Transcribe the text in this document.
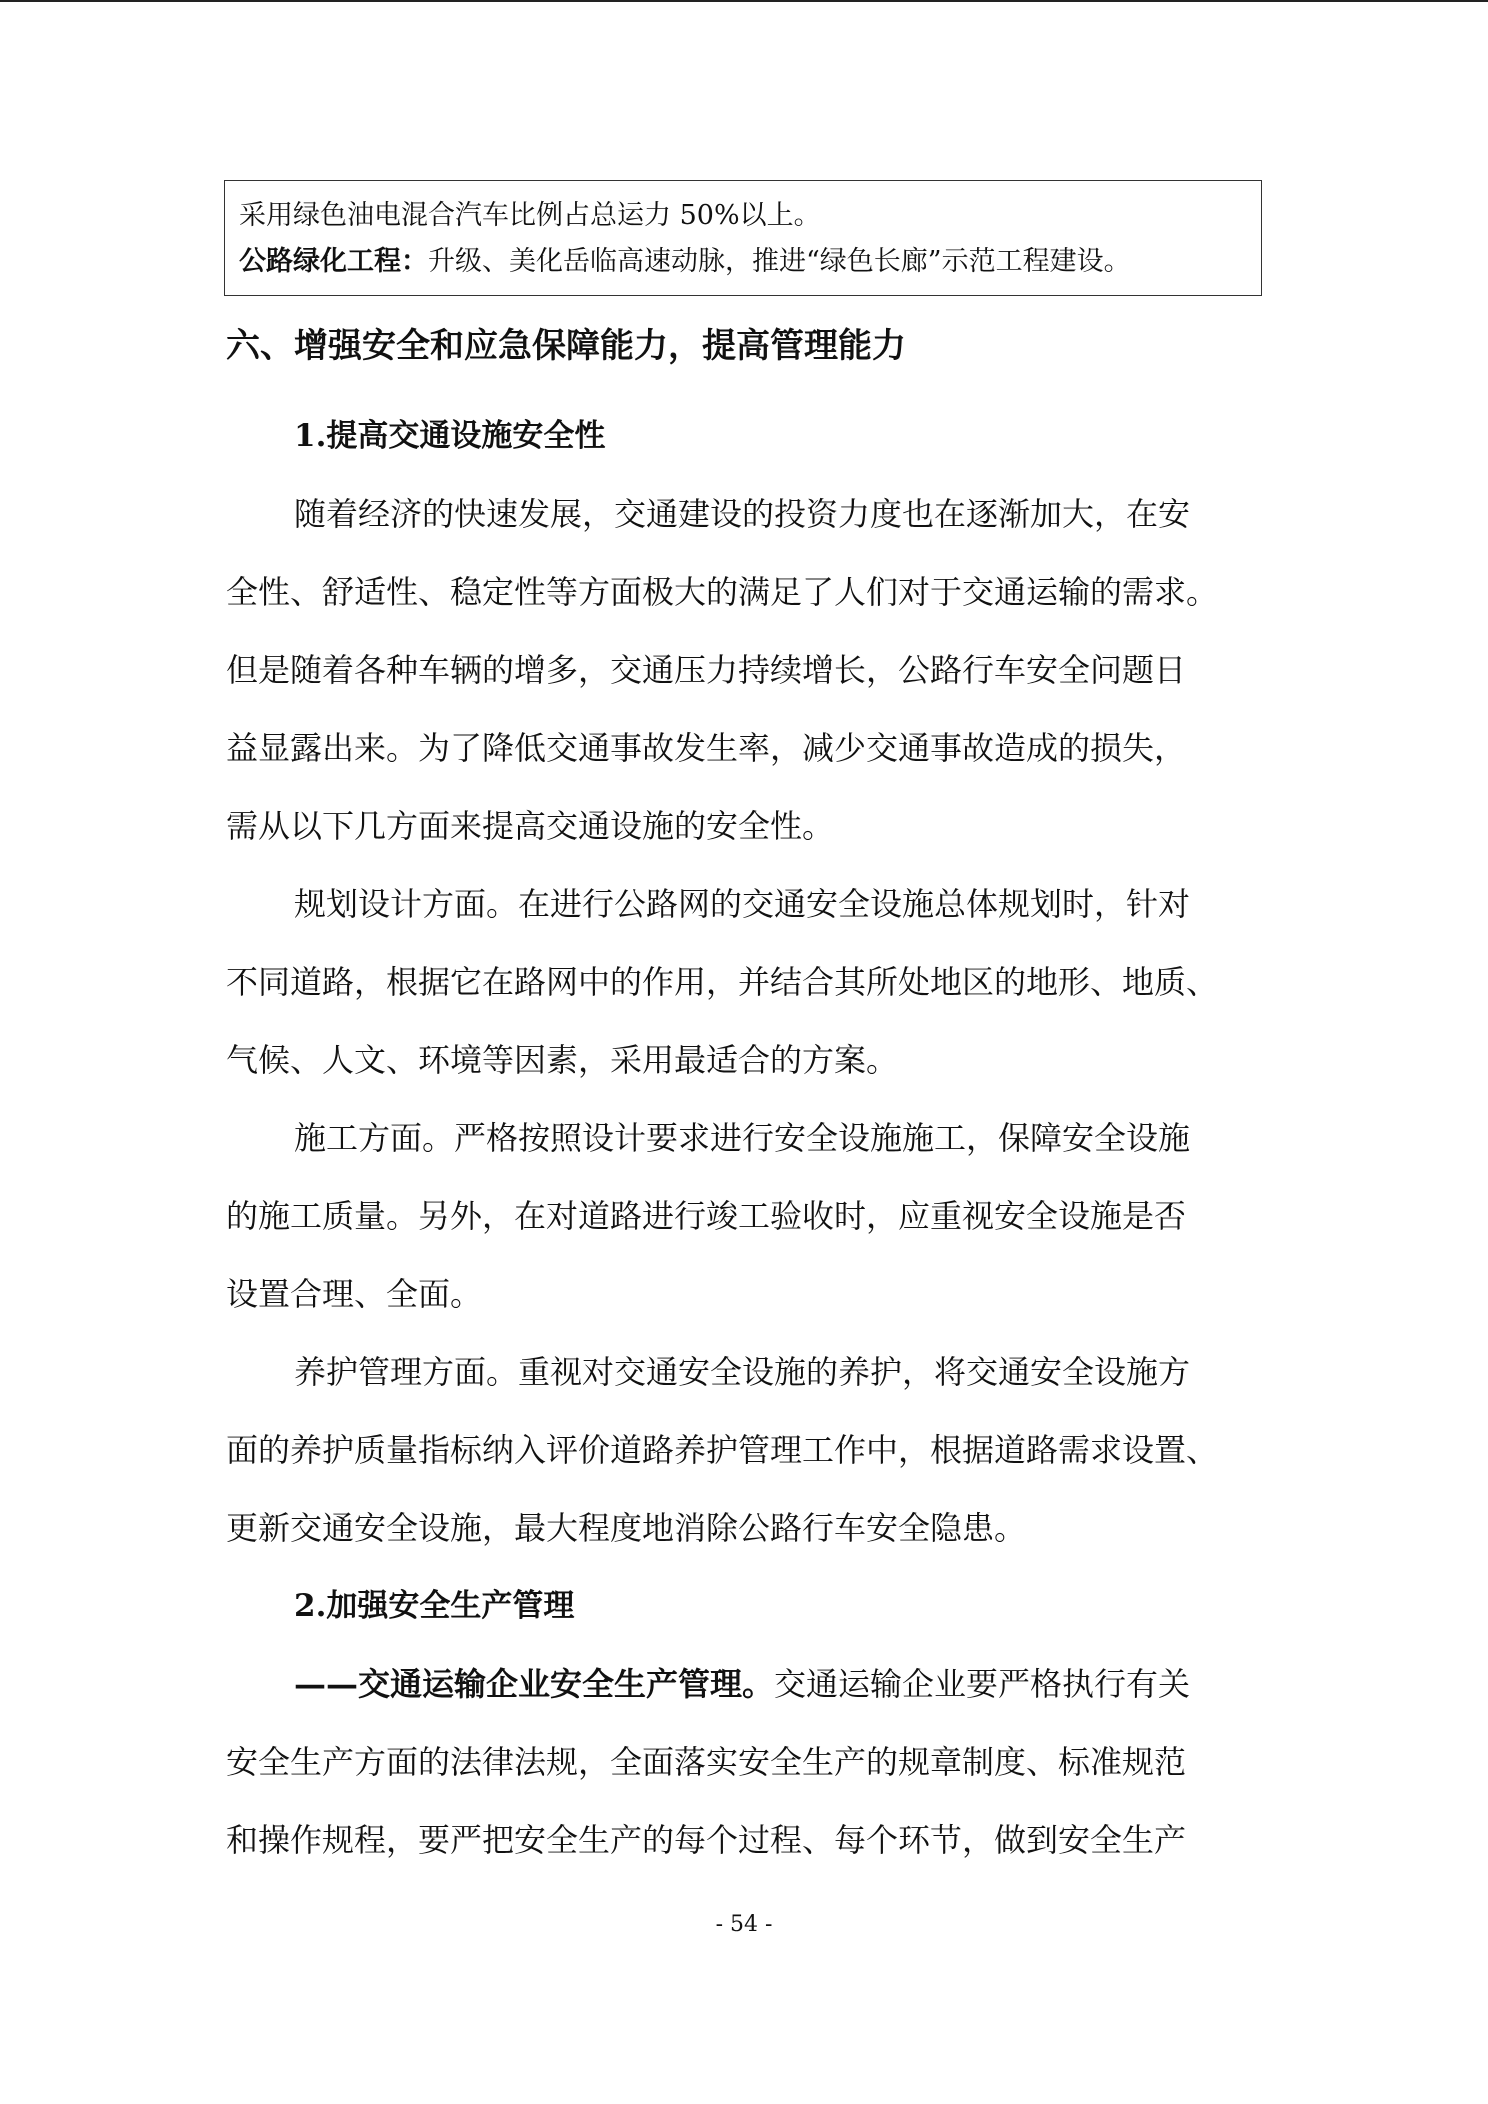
采用绿色油电混合汽车比例占总运力 50%以上。
公路绿化工程：升级、美化岳临高速动脉，推进“绿色长廊”示范工程建设。
六、增强安全和应急保障能力，提高管理能力
1.提高交通设施安全性
随着经济的快速发展，交通建设的投资力度也在逐渐加大，在安
全性、舒适性、稳定性等方面极大的满足了人们对于交通运输的需求。
但是随着各种车辆的增多，交通压力持续增长，公路行车安全问题日
益显露出来。为了降低交通事故发生率，减少交通事故造成的损失，
需从以下几方面来提高交通设施的安全性。
规划设计方面。在进行公路网的交通安全设施总体规划时，针对
不同道路，根据它在路网中的作用，并结合其所处地区的地形、地质、
气候、人文、环境等因素，采用最适合的方案。
施工方面。严格按照设计要求进行安全设施施工，保障安全设施
的施工质量。另外，在对道路进行竣工验收时，应重视安全设施是否
设置合理、全面。
养护管理方面。重视对交通安全设施的养护，将交通安全设施方
面的养护质量指标纳入评价道路养护管理工作中，根据道路需求设置、
更新交通安全设施，最大程度地消除公路行车安全隐患。
2.加强安全生产管理
——交通运输企业安全生产管理。交通运输企业要严格执行有关
安全生产方面的法律法规，全面落实安全生产的规章制度、标准规范
和操作规程，要严把安全生产的每个过程、每个环节，做到安全生产
- 54 -
